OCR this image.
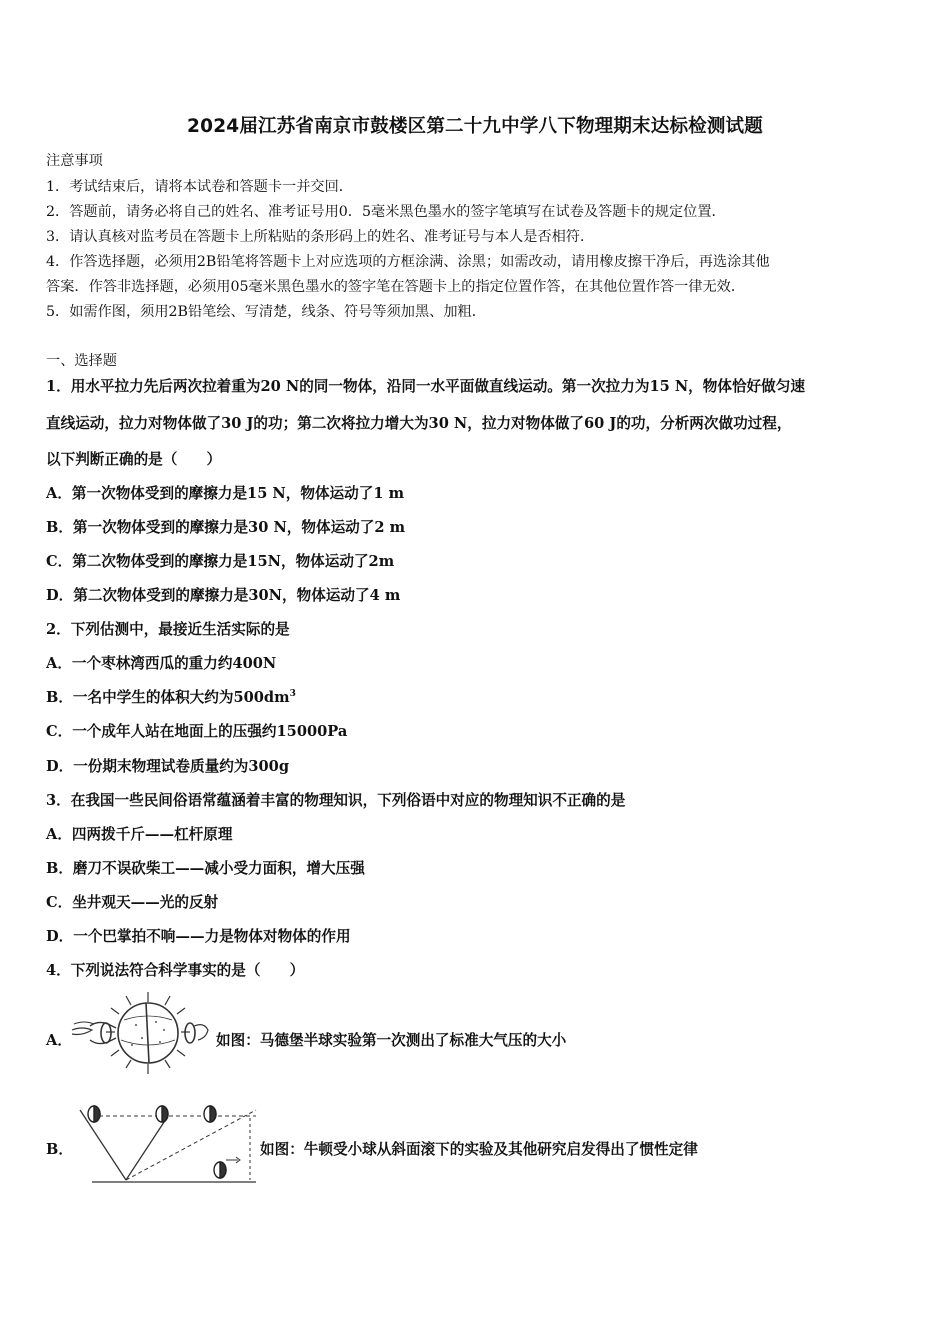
2024届江苏省南京市鼓楼区第二十九中学八下物理期末达标检测试题
注意事项
1．考试结束后，请将本试卷和答题卡一并交回．
2．答题前，请务必将自己的姓名、准考证号用0．5毫米黑色墨水的签字笔填写在试卷及答题卡的规定位置．
3．请认真核对监考员在答题卡上所粘贴的条形码上的姓名、准考证号与本人是否相符．
4．作答选择题，必须用2B铅笔将答题卡上对应选项的方框涂满、涂黑；如需改动，请用橡皮擦干净后，再选涂其他
答案．作答非选择题，必须用05毫米黑色墨水的签字笔在答题卡上的指定位置作答，在其他位置作答一律无效．
5．如需作图，须用2B铅笔绘、写清楚，线条、符号等须加黑、加粗．
一、选择题
1．用水平拉力先后两次拉着重为20 N的同一物体，沿同一水平面做直线运动。第一次拉力为15 N，物体恰好做匀速
直线运动，拉力对物体做了30 J的功；第二次将拉力增大为30 N，拉力对物体做了60 J的功，分析两次做功过程，
以下判断正确的是（　　）
A．第一次物体受到的摩擦力是15 N，物体运动了1 m
B．第一次物体受到的摩擦力是30 N，物体运动了2 m
C．第二次物体受到的摩擦力是15N，物体运动了2m
D．第二次物体受到的摩擦力是30N，物体运动了4 m
2．下列估测中，最接近生活实际的是
A．一个枣林湾西瓜的重力约400N
B．一名中学生的体积大约为$500dm^3$
C．一个成年人站在地面上的压强约15000Pa
D．一份期末物理试卷质量约为300g
3．在我国一些民间俗语常蕴涵着丰富的物理知识，下列俗语中对应的物理知识不正确的是
A．四两拨千斤——杠杆原理
B．磨刀不误砍柴工——减小受力面积，增大压强
C．坐井观天——光的反射
D．一个巴掌拍不响——力是物体对物体的作用
4．下列说法符合科学事实的是（　　）
A．	如图：马德堡半球实验第一次测出了标准大气压的大小
B．	如图：牛顿受小球从斜面滚下的实验及其他研究启发得出了惯性定律
